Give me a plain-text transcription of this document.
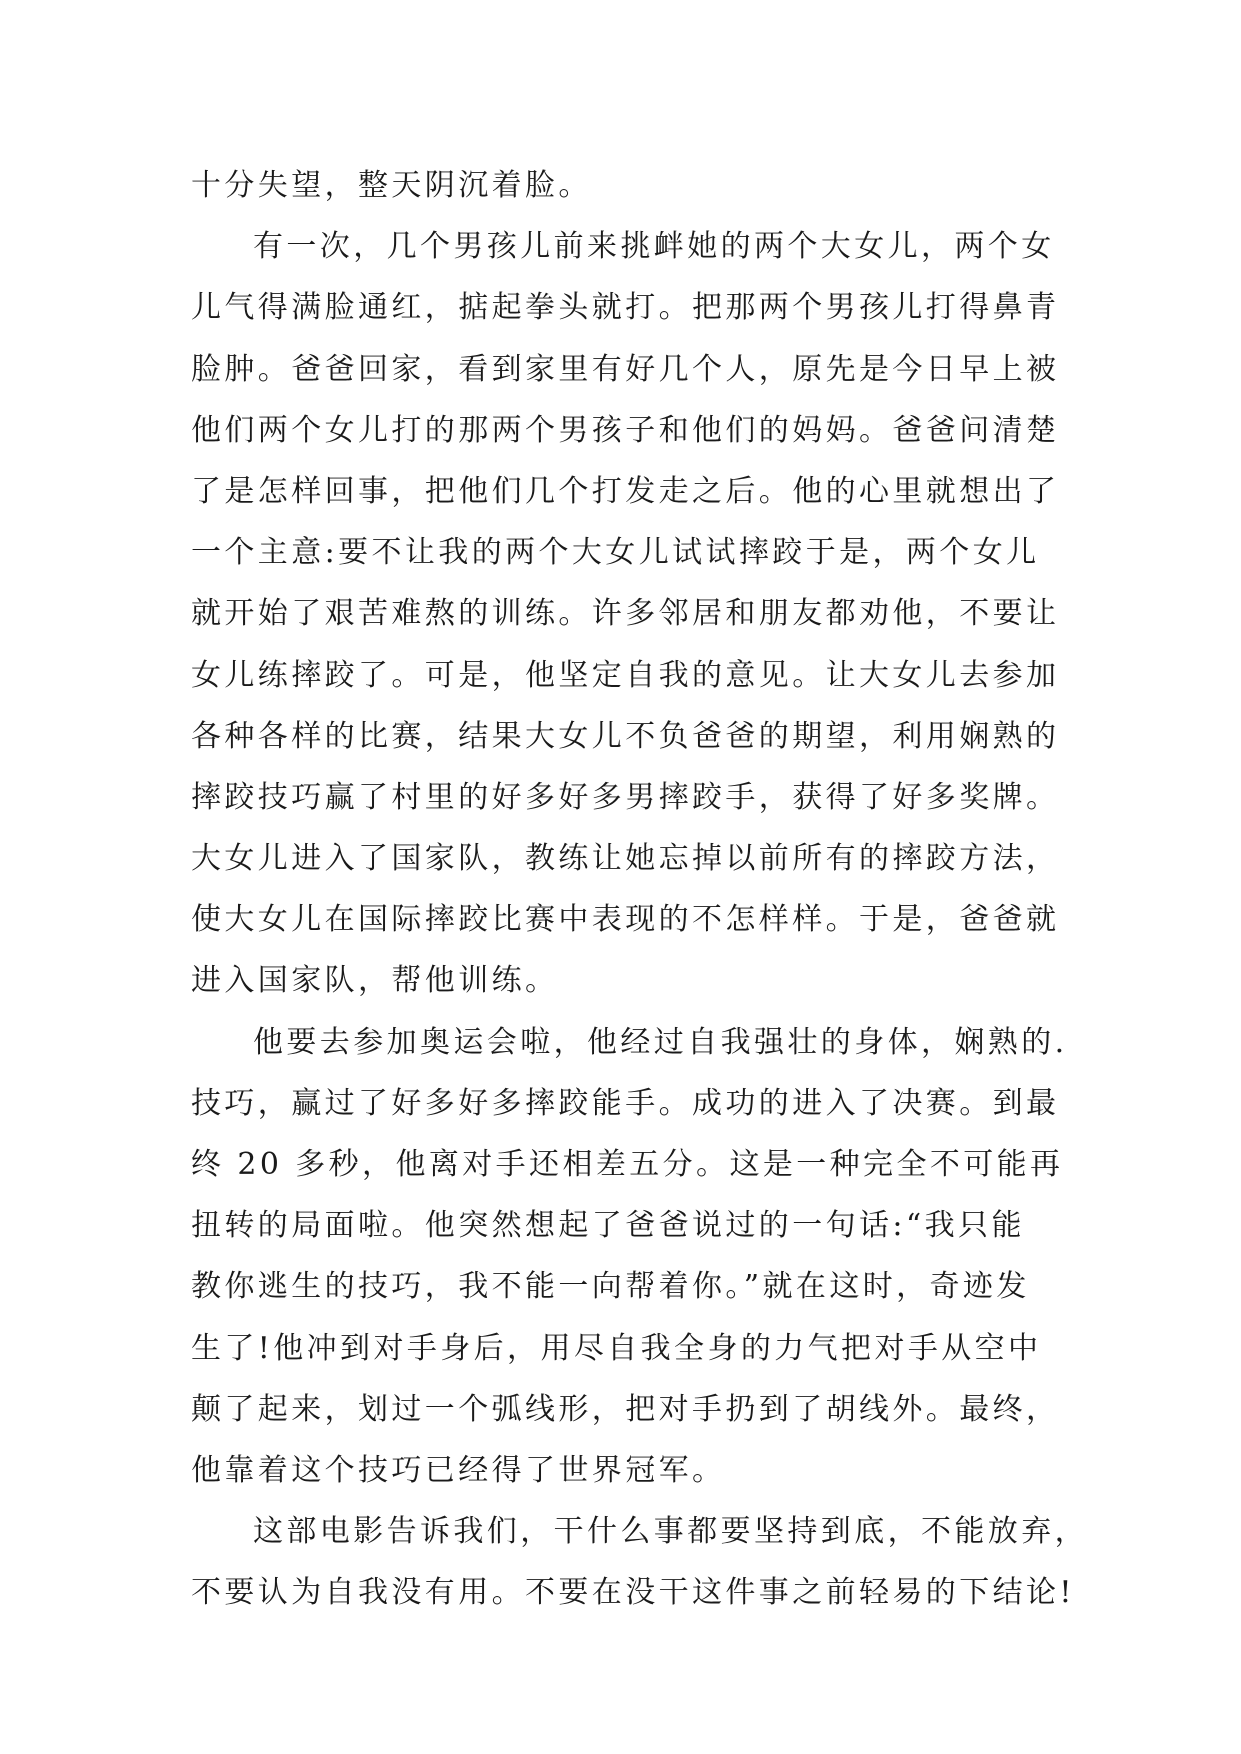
十分失望，整天阴沉着脸。
有一次，几个男孩儿前来挑衅她的两个大女儿，两个女
儿气得满脸通红，掂起拳头就打。把那两个男孩儿打得鼻青
脸肿。爸爸回家，看到家里有好几个人，原先是今日早上被
他们两个女儿打的那两个男孩子和他们的妈妈。爸爸问清楚
了是怎样回事，把他们几个打发走之后。他的心里就想出了
一个主意:要不让我的两个大女儿试试摔跤于是，两个女儿
就开始了艰苦难熬的训练。许多邻居和朋友都劝他，不要让
女儿练摔跤了。可是，他坚定自我的意见。让大女儿去参加
各种各样的比赛，结果大女儿不负爸爸的期望，利用娴熟的
摔跤技巧赢了村里的好多好多男摔跤手，获得了好多奖牌。
大女儿进入了国家队，教练让她忘掉以前所有的摔跤方法，
使大女儿在国际摔跤比赛中表现的不怎样样。于是，爸爸就
进入国家队，帮他训练。
他要去参加奥运会啦，他经过自我强壮的身体，娴熟的.
技巧，赢过了好多好多摔跤能手。成功的进入了决赛。到最
终 20 多秒，他离对手还相差五分。这是一种完全不可能再
扭转的局面啦。他突然想起了爸爸说过的一句话:“我只能
教你逃生的技巧，我不能一向帮着你。”就在这时，奇迹发
生了!他冲到对手身后，用尽自我全身的力气把对手从空中
颠了起来，划过一个弧线形，把对手扔到了胡线外。最终，
他靠着这个技巧已经得了世界冠军。
这部电影告诉我们，干什么事都要坚持到底，不能放弃，
不要认为自我没有用。不要在没干这件事之前轻易的下结论!
